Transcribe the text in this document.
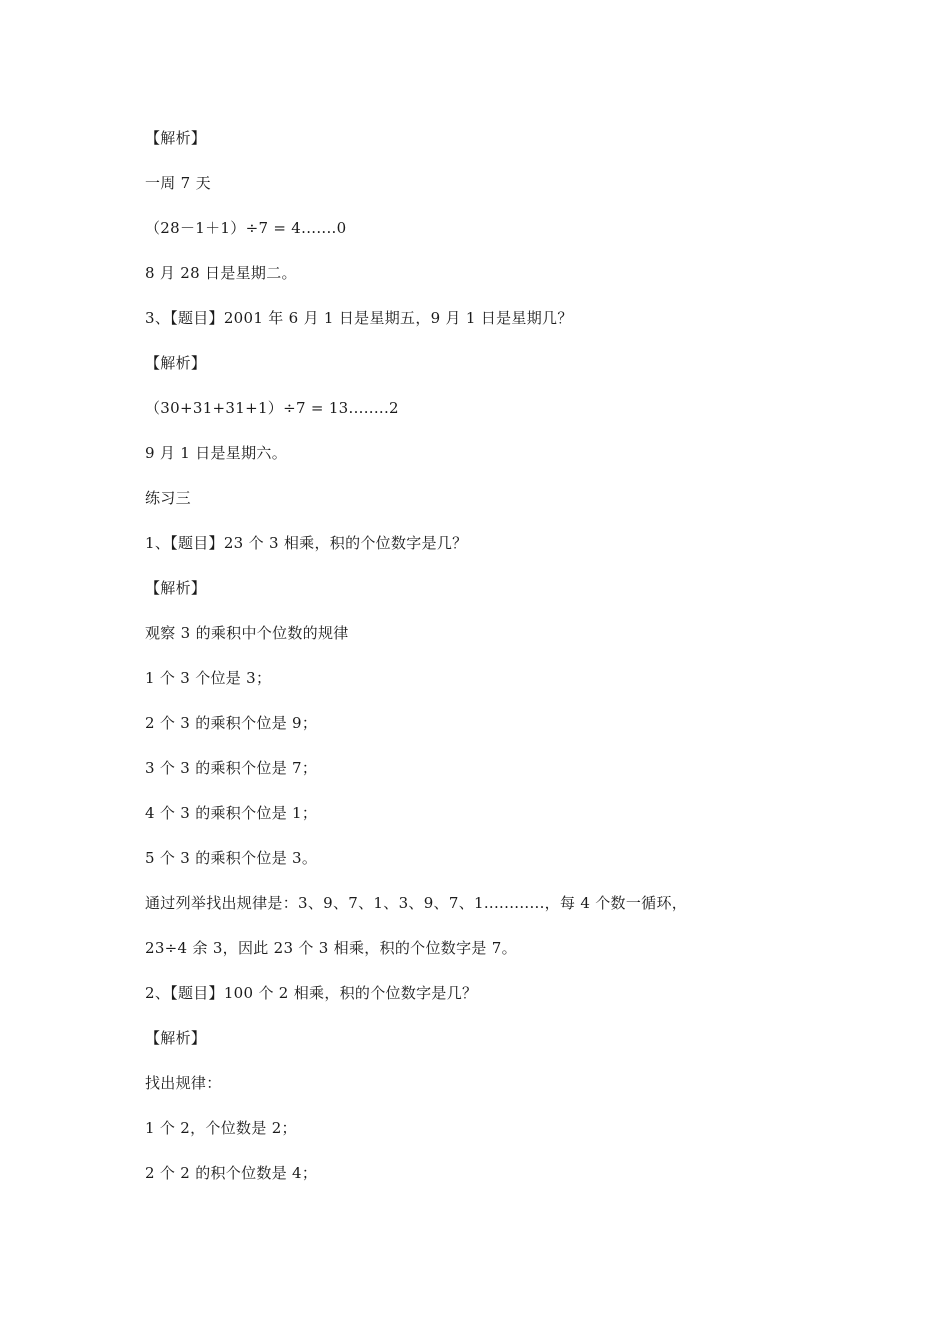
【解析】
一周 7 天
（28－1＋1）÷7 = 4.......0
8 月 28 日是星期二。
3、【题目】2001 年 6 月 1 日是星期五，9 月 1 日是星期几？
【解析】
（30+31+31+1）÷7 = 13........2
9 月 1 日是星期六。
练习三
1、【题目】23 个 3 相乘，积的个位数字是几？
【解析】
观察 3 的乘积中个位数的规律
1 个 3 个位是 3；
2 个 3 的乘积个位是 9；
3 个 3 的乘积个位是 7；
4 个 3 的乘积个位是 1；
5 个 3 的乘积个位是 3。
通过列举找出规律是：3、9、7、1、3、9、7、1............，每 4 个数一循环，
23÷4 余 3，因此 23 个 3 相乘，积的个位数字是 7。
2、【题目】100 个 2 相乘，积的个位数字是几？
【解析】
找出规律：
1 个 2，个位数是 2；
2 个 2 的积个位数是 4；
